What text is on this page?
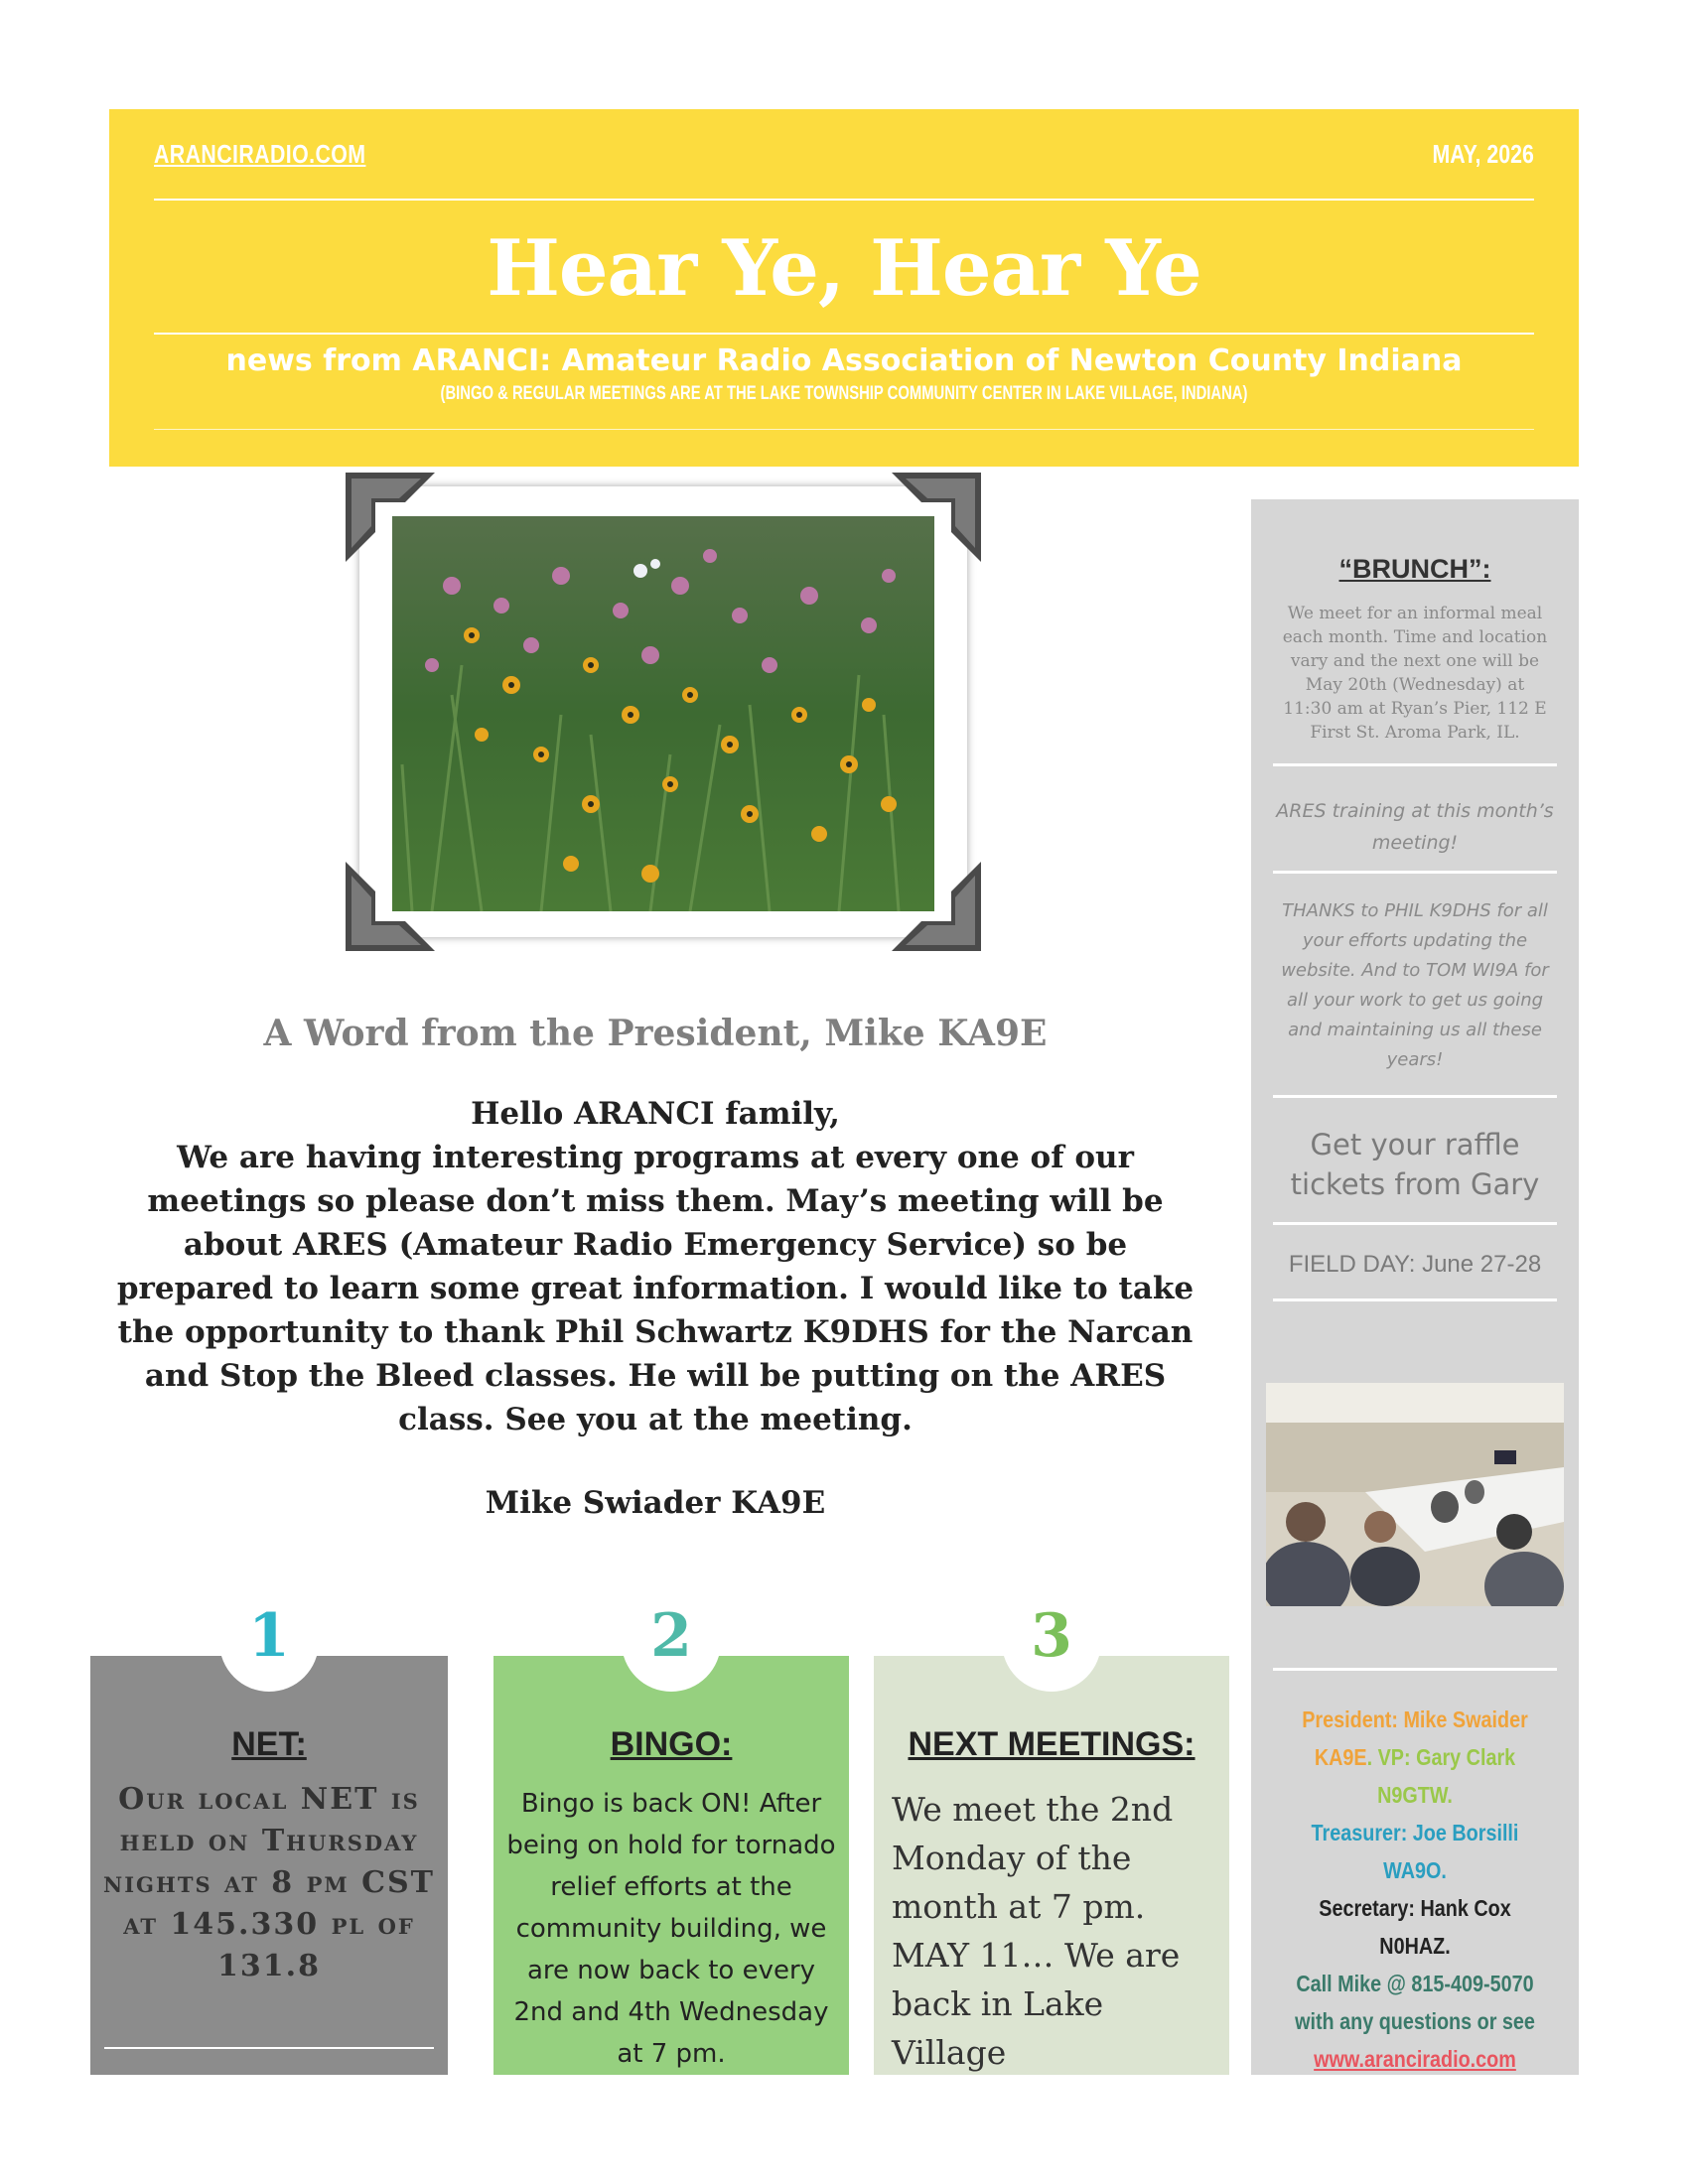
ARANCIRADIO.COM	MAY, 2026
Hear Ye, Hear Ye
news from ARANCI: Amateur Radio Association of Newton County Indiana
(BINGO & REGULAR MEETINGS ARE AT THE LAKE TOWNSHIP COMMUNITY CENTER IN LAKE VILLAGE, INDIANA)
A Word from the President, Mike KA9E

Hello ARANCI family,

We are having interesting programs at every one of our meetings so please don’t miss them. May’s meeting will be about ARES (Amateur Radio Emergency Service) so be prepared to learn some great information. I would like to take the opportunity to thank Phil Schwartz K9DHS for the Narcan and Stop the Bleed classes. He will be putting on the ARES class. See you at the meeting.

Mike Swiader KA9E

“BRUNCH”:
We meet for an informal meal each month. Time and location vary and the next one will be May 20th (Wednesday) at 11:30 am at Ryan’s Pier, 112 E First St. Aroma Park, IL.
ARES training at this month’s meeting!
THANKS to PHIL K9DHS for all your efforts updating the website. And to TOM WI9A for all your work to get us going and maintaining us all these years!
Get your raffle tickets from Gary
FIELD DAY: June 27-28
President: Mike Swaider
KA9E. VP: Gary Clark N9GTW.
Treasurer: Joe Borsilli WA9O.
Secretary: Hank Cox N0HAZ.
Call Mike @ 815-409-5070
with any questions or see
www.aranciradio.com
1
NET:
Our local NET is held on Thursday nights at 8 pm CST at 145.330 pl of 131.8
2
BINGO:
Bingo is back ON! After being on hold for tornado relief efforts at the community building, we are now back to every 2nd and 4th Wednesday at 7 pm.
3
NEXT MEETINGS:
We meet the 2nd Monday of the month at 7 pm. MAY 11… We are back in Lake Village
